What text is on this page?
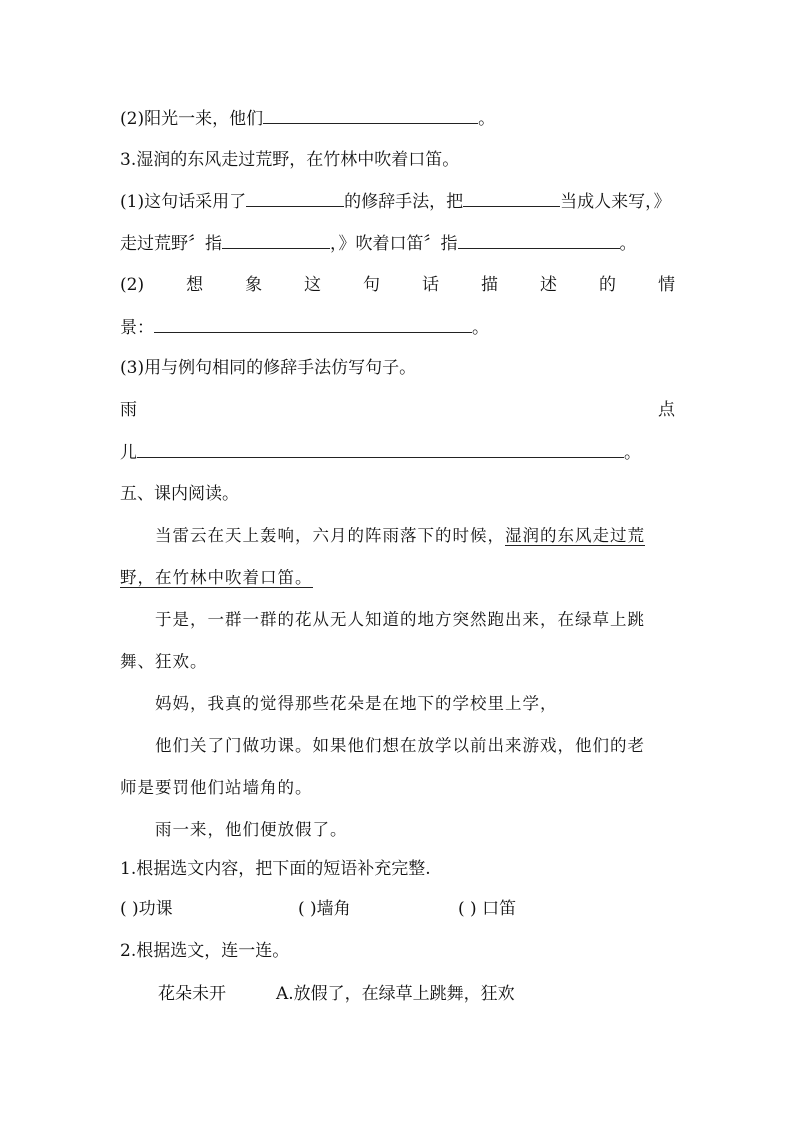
(2)阳光一来，他们	。
3.湿润的东风走过荒野，在竹林中吹着口笛。
(1)这句话采用了	的修辞手法，把	当成人来写，》
走过荒野〞指	，》吹着口笛〞指	。
(2) 想 象 这 句 话 描 述 的 情
景：	。
(3)用与例句相同的修辞手法仿写句子。
雨	点
儿	。
五、课内阅读。
当雷云在天上轰响，六月的阵雨落下的时候，湿润的东风走过荒
野，在竹林中吹着口笛。
于是，一群一群的花从无人知道的地方突然跑出来，在绿草上跳
舞、狂欢。
妈妈，我真的觉得那些花朵是在地下的学校里上学，
他们关了门做功课。如果他们想在放学以前出来游戏，他们的老
师是要罚他们站墙角的。
雨一来，他们便放假了。
1.根据选文内容，把下面的短语补充完整.
( )功课	( )墙角	( ) 口笛
2.根据选文，连一连。
花朵未开	A.放假了，在绿草上跳舞，狂欢
